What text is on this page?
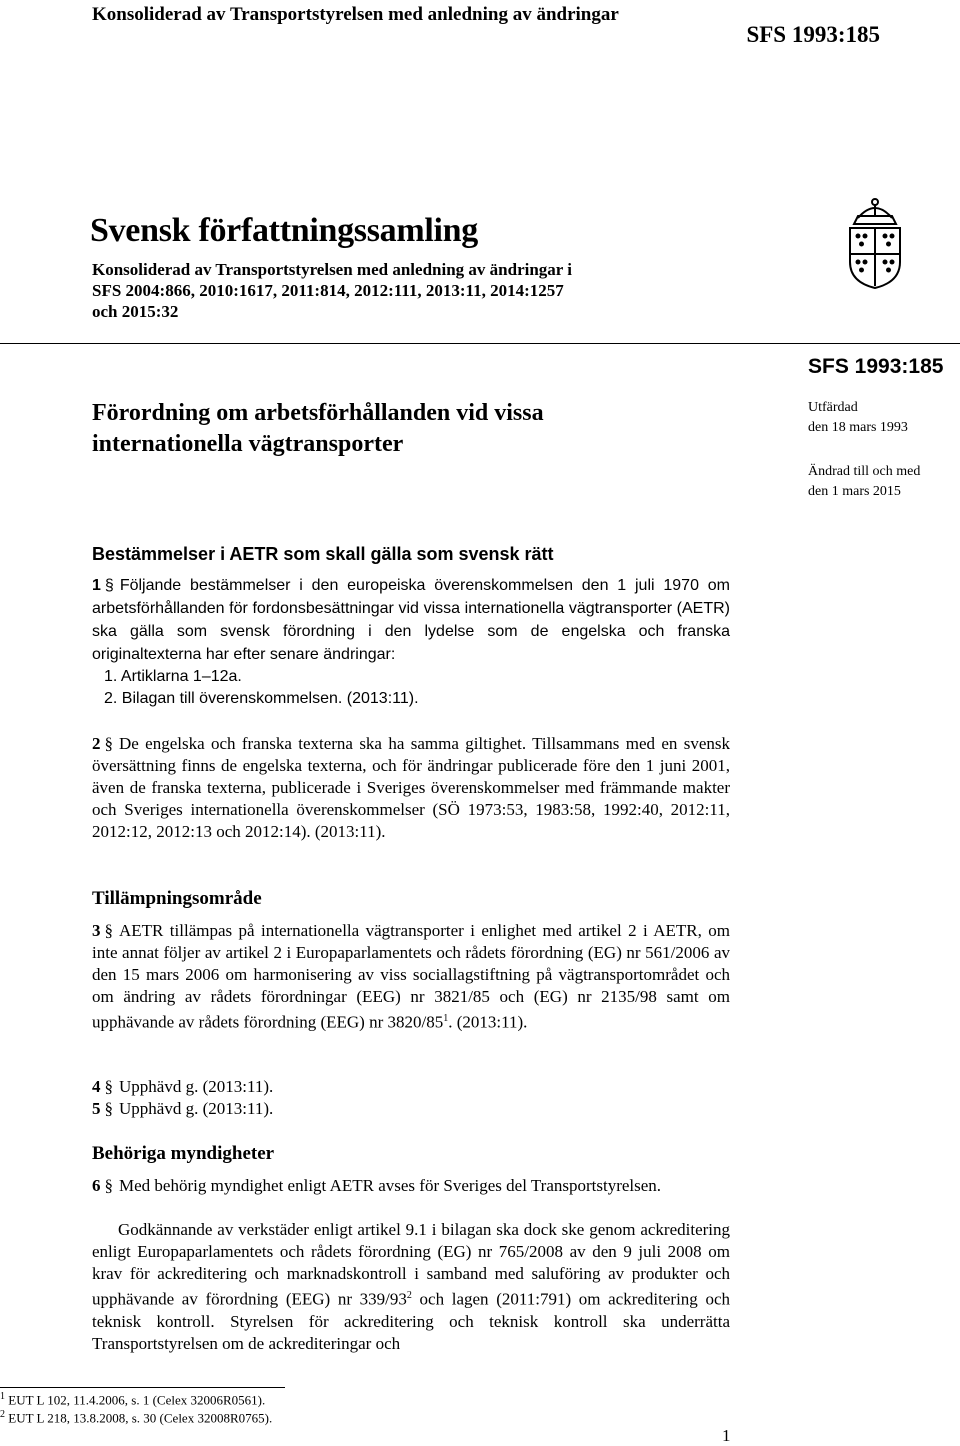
Konsoliderad av Transportstyrelsen med anledning av ändringar
SFS 1993:185
Svensk författningssamling
Konsoliderad av Transportstyrelsen med anledning av ändringar i
SFS 2004:866, 2010:1617, 2011:814, 2012:111, 2013:11, 2014:1257
och 2015:32
Förordning om arbetsförhållanden vid vissa
internationella vägtransporter
SFS 1993:185
Utfärdad
den 18 mars 1993
Ändrad till och med
den 1 mars 2015
Bestämmelser i AETR som skall gälla som svensk rätt
1 § Följande bestämmelser i den europeiska överenskommelsen den 1 juli 1970 om arbetsförhållanden för fordonsbesättningar vid vissa internationella vägtransporter (AETR) ska gälla som svensk förordning i den lydelse som de engelska och franska originaltexterna har efter senare ändringar:
1. Artiklarna 1–12a.
2. Bilagan till överenskommelsen. (2013:11).
2 § De engelska och franska texterna ska ha samma giltighet. Tillsammans med en svensk översättning finns de engelska texterna, och för ändringar publicerade före den 1 juni 2001, även de franska texterna, publicerade i Sveriges överenskommelser med främmande makter och Sveriges internationella överenskommelser (SÖ 1973:53, 1983:58, 1992:40, 2012:11, 2012:12, 2012:13 och 2012:14). (2013:11).
Tillämpningsområde
3 § AETR tillämpas på internationella vägtransporter i enlighet med artikel 2 i AETR, om inte annat följer av artikel 2 i Europaparlamentets och rådets förordning (EG) nr 561/2006 av den 15 mars 2006 om harmonisering av viss sociallagstiftning på vägtransportområdet och om ändring av rådets förordningar (EEG) nr 3821/85 och (EG) nr 2135/98 samt om upphävande av rådets förordning (EEG) nr $3820/85^1$. (2013:11).
4 § Upphävd g. (2013:11).
5 § Upphävd g. (2013:11).
Behöriga myndigheter
6 § Med behörig myndighet enligt AETR avses för Sveriges del Transportstyrelsen.
Godkännande av verkstäder enligt artikel 9.1 i bilagan ska dock ske genom ackreditering enligt Europaparlamentets och rådets förordning (EG) nr 765/2008 av den 9 juli 2008 om krav för ackreditering och marknadskontroll i samband med saluföring av produkter och upphävande av förordning (EEG) nr $339/93^2$ och lagen (2011:791) om ackreditering och teknisk kontroll. Styrelsen för ackreditering och teknisk kontroll ska underrätta Transportstyrelsen om de ackrediteringar och
$^1$ EUT L 102, 11.4.2006, s. 1 (Celex 32006R0561).
$^2$ EUT L 218, 13.8.2008, s. 30 (Celex 32008R0765).
1
